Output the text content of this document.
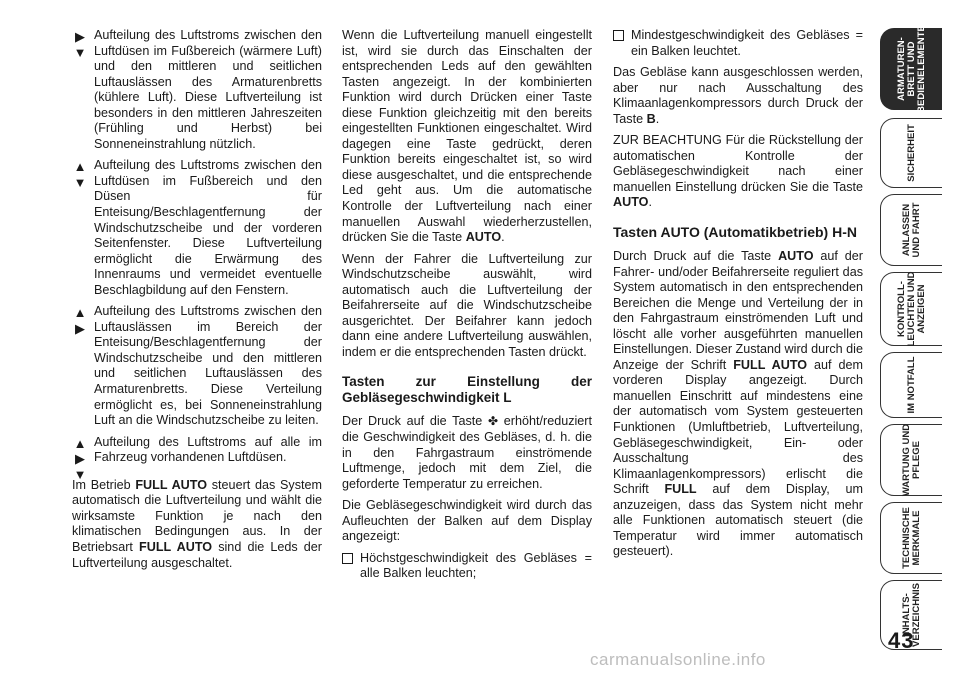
▶
▼

Aufteilung des Luftstroms zwischen den Luftdüsen im Fußbereich (wärmere Luft) und den mittleren und seitlichen Luftauslässen des Armaturenbretts (kühlere Luft). Diese Luftverteilung ist besonders in den mittleren Jahreszeiten (Frühling und Herbst) bei Sonneneinstrahlung nützlich.

▲
▼

Aufteilung des Luftstroms zwischen den Luftdüsen im Fußbereich und den Düsen für Enteisung/Beschlagentfernung der Windschutzscheibe und der vorderen Seitenfenster. Diese Luftverteilung ermöglicht die Erwärmung des Innenraums und vermeidet eventuelle Beschlagbildung auf den Fenstern.

▲
▶

Aufteilung des Luftstroms zwischen den Luftauslässen im Bereich der Enteisung/Beschlagentfernung der Windschutzscheibe und den mittleren und seitlichen Luftauslässen des Armaturenbretts. Diese Verteilung ermöglicht es, bei Sonneneinstrahlung Luft an die Windschutzscheibe zu leiten.

▲
▶
▼

Aufteilung des Luftstroms auf alle im Fahrzeug vorhandenen Luftdüsen.

Im Betrieb FULL AUTO steuert das System automatisch die Luftverteilung und wählt die wirksamste Funktion je nach den klimatischen Bedingungen aus. In der Betriebsart FULL AUTO sind die Leds der Luftverteilung ausgeschaltet.

Wenn die Luftverteilung manuell eingestellt ist, wird sie durch das Einschalten der entsprechenden Leds auf den gewählten Tasten angezeigt. In der kombinierten Funktion wird durch Drücken einer Taste diese Funktion gleichzeitig mit den bereits eingestellten Funktionen eingeschaltet. Wird dagegen eine Taste gedrückt, deren Funktion bereits eingeschaltet ist, so wird diese ausgeschaltet, und die entsprechende Led geht aus. Um die automatische Kontrolle der Luftverteilung nach einer manuellen Auswahl wiederherzustellen, drücken Sie die Taste AUTO.

Wenn der Fahrer die Luftverteilung zur Windschutzscheibe auswählt, wird automatisch auch die Luftverteilung der Beifahrerseite auf die Windschutzscheibe ausgerichtet. Der Beifahrer kann jedoch dann eine andere Luftverteilung auswählen, indem er die entsprechenden Tasten drückt.

Tasten zur Einstellung der Gebläsegeschwindigkeit L

Der Druck auf die Taste ✤ erhöht/reduziert die Geschwindigkeit des Gebläses, d. h. die in den Fahrgastraum einströmende Luftmenge, jedoch mit dem Ziel, die geforderte Temperatur zu erreichen.

Die Gebläsegeschwindigkeit wird durch das Aufleuchten der Balken auf dem Display angezeigt:

Höchstgeschwindigkeit des Gebläses = alle Balken leuchten;
Mindestgeschwindigkeit des Gebläses = ein Balken leuchtet.

Das Gebläse kann ausgeschlossen werden, aber nur nach Ausschaltung des Klimaanlagenkompressors durch Druck der Taste B.

ZUR BEACHTUNG Für die Rückstellung der automatischen Kontrolle der Gebläsegeschwindigkeit nach einer manuellen Einstellung drücken Sie die Taste AUTO.

Tasten AUTO (Automatikbetrieb) H-N

Durch Druck auf die Taste AUTO auf der Fahrer- und/oder Beifahrerseite reguliert das System automatisch in den entsprechenden Bereichen die Menge und Verteilung der in den Fahrgastraum einströmenden Luft und löscht alle vorher ausgeführten manuellen Einstellungen. Dieser Zustand wird durch die Anzeige der Schrift FULL AUTO auf dem vorderen Display angezeigt. Durch manuellen Einschritt auf mindestens eine der automatisch vom System gesteuerten Funktionen (Umluftbetrieb, Luftverteilung, Gebläsegeschwindigkeit, Ein- oder Ausschaltung des Klimaanlagenkompressors) erlischt die Schrift FULL auf dem Display, um anzuzeigen, dass das System nicht mehr alle Funktionen automatisch steuert (die Temperatur wird immer automatisch gesteuert).

ARMATUREN-
BRETT UND
BEDIENELEMENTE
SICHERHEIT
ANLASSEN
UND FAHRT
KONTROLL-
LEUCHTEN UND
ANZEIGEN
IM NOTFALL
WARTUNG UND
PFLEGE
TECHNISCHE
MERKMALE
INHALTS-
VERZEICHNIS
43
carmanualsonline.info
